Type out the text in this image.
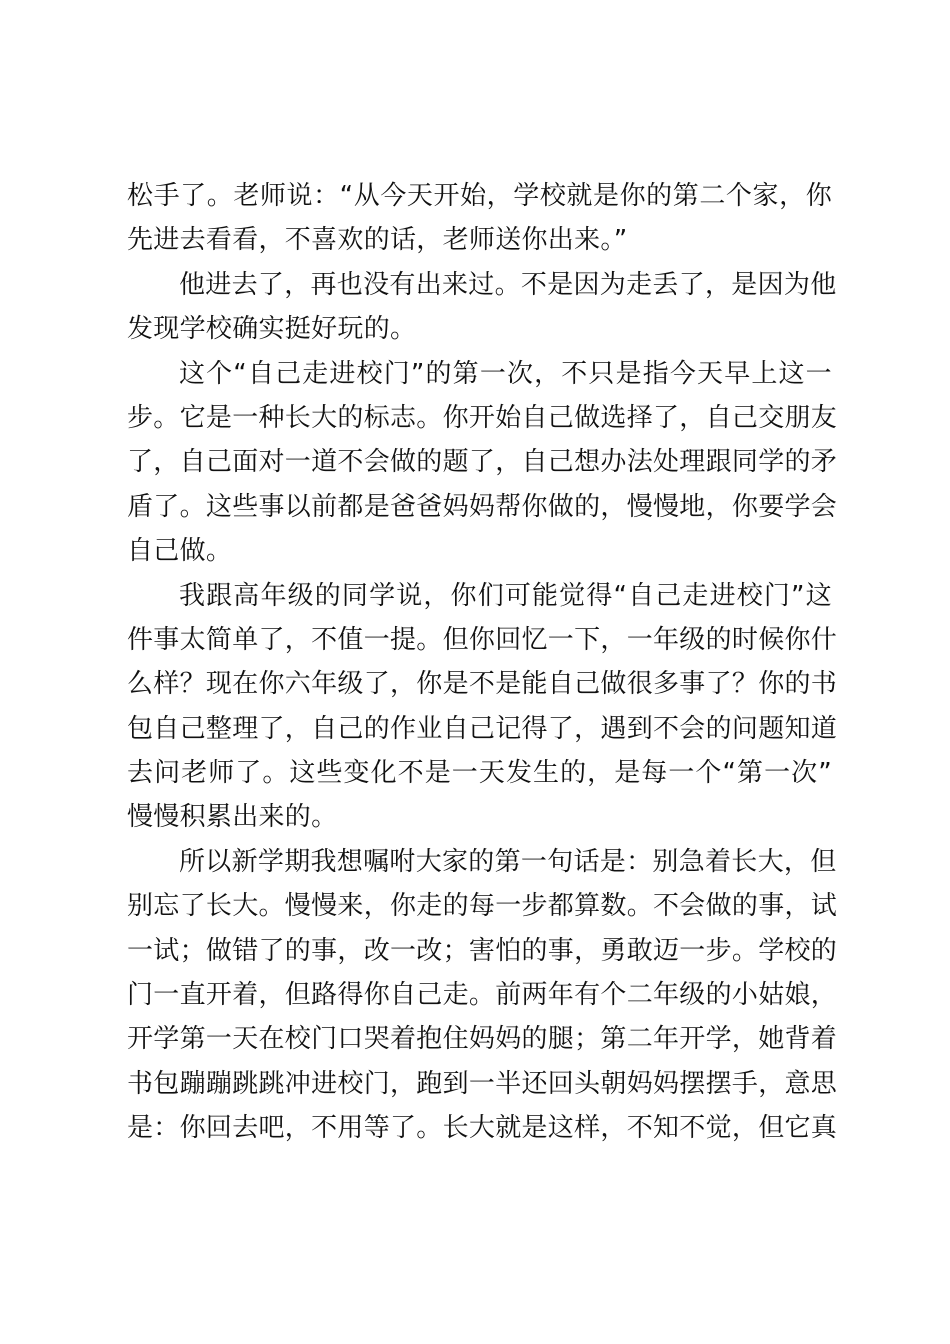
松手了。老师说：“从今天开始，学校就是你的第二个家，你
先进去看看，不喜欢的话，老师送你出来。”
他进去了，再也没有出来过。不是因为走丢了，是因为他
发现学校确实挺好玩的。
这个“自己走进校门”的第一次，不只是指今天早上这一
步。它是一种长大的标志。你开始自己做选择了，自己交朋友
了，自己面对一道不会做的题了，自己想办法处理跟同学的矛
盾了。这些事以前都是爸爸妈妈帮你做的，慢慢地，你要学会
自己做。
我跟高年级的同学说，你们可能觉得“自己走进校门”这
件事太简单了，不值一提。但你回忆一下，一年级的时候你什
么样？现在你六年级了，你是不是能自己做很多事了？你的书
包自己整理了，自己的作业自己记得了，遇到不会的问题知道
去问老师了。这些变化不是一天发生的，是每一个“第一次”
慢慢积累出来的。
所以新学期我想嘱咐大家的第一句话是：别急着长大，但
别忘了长大。慢慢来，你走的每一步都算数。不会做的事，试
一试；做错了的事，改一改；害怕的事，勇敢迈一步。学校的
门一直开着，但路得你自己走。前两年有个二年级的小姑娘，
开学第一天在校门口哭着抱住妈妈的腿；第二年开学，她背着
书包蹦蹦跳跳冲进校门，跑到一半还回头朝妈妈摆摆手，意思
是：你回去吧，不用等了。长大就是这样，不知不觉，但它真
